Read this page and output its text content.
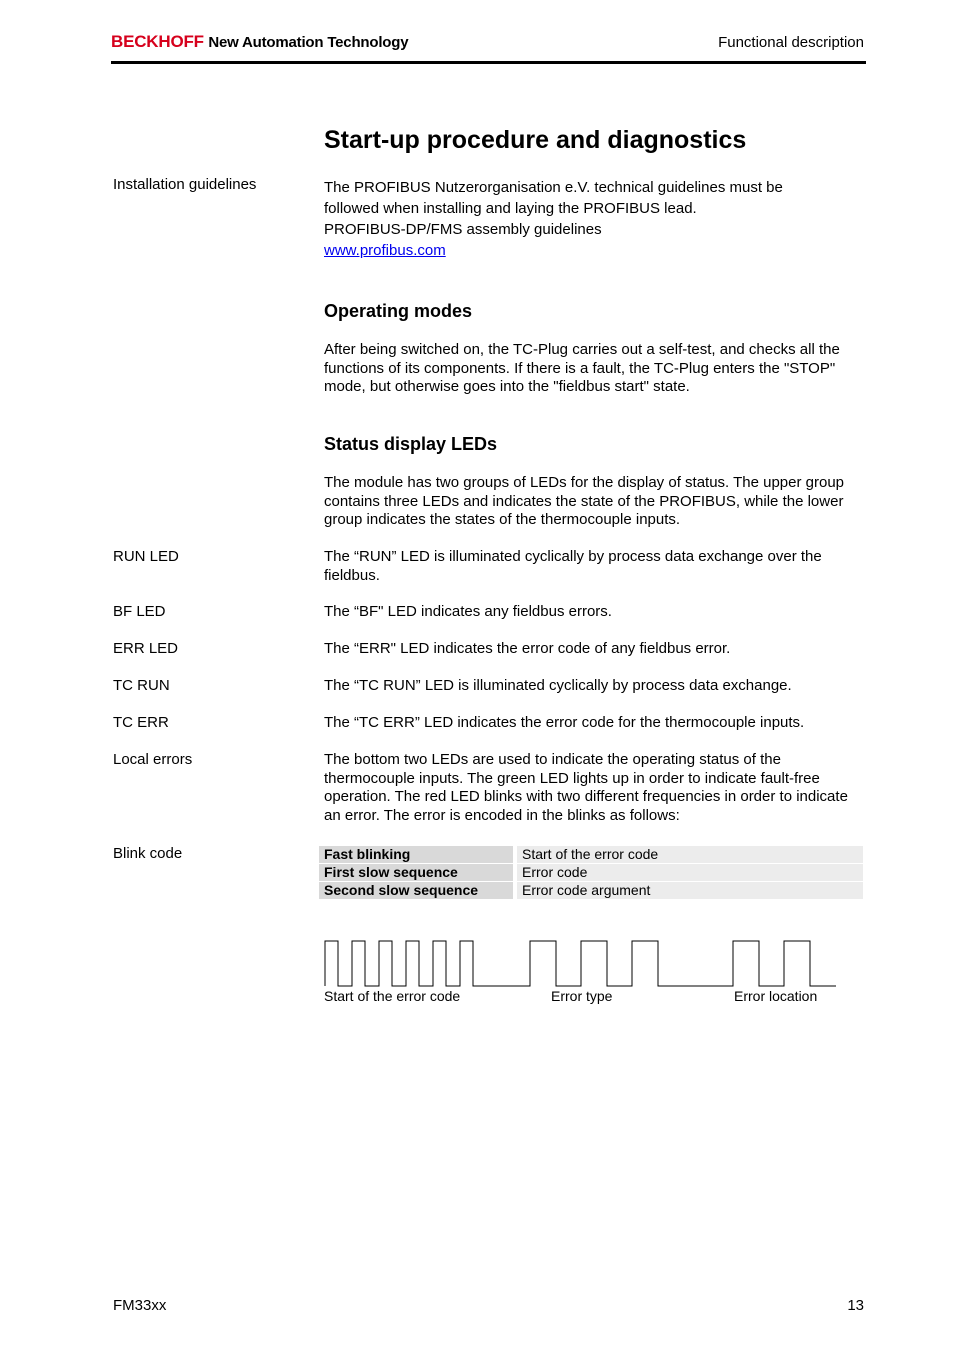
BECKHOFF New Automation Technology	Functional description
Start-up procedure and diagnostics
Installation guidelines	The PROFIBUS Nutzerorganisation e.V. technical guidelines must be
followed when installing and laying the PROFIBUS lead.
PROFIBUS-DP/FMS assembly guidelines
www.profibus.com
Operating modes
After being switched on, the TC-Plug carries out a self-test, and checks all the functions of its components. If there is a fault, the TC-Plug enters the "STOP" mode, but otherwise goes into the "fieldbus start" state.
Status display LEDs
The module has two groups of LEDs for the display of status. The upper group contains three LEDs and indicates the state of the PROFIBUS, while the lower group indicates the states of the thermocouple inputs.
RUN LED	The “RUN” LED is illuminated cyclically by process data exchange over the fieldbus.
BF LED	The “BF" LED indicates any fieldbus errors.
ERR LED	The “ERR" LED indicates the error code of any fieldbus error.
TC RUN	The “TC RUN” LED is illuminated cyclically by process data exchange.
TC ERR	The “TC ERR” LED indicates the error code for the thermocouple inputs.
Local errors	The bottom two LEDs are used to indicate the operating status of the thermocouple inputs. The green LED lights up in order to indicate fault-free operation. The red LED blinks with two different frequencies in order to indicate an error. The error is encoded in the blinks as follows:
Blink code	Fast blinking		Start of the error code
First slow sequence		Error code
Second slow sequence		Error code argument
Start of the error code	Error type	Error location
FM33xx	13
